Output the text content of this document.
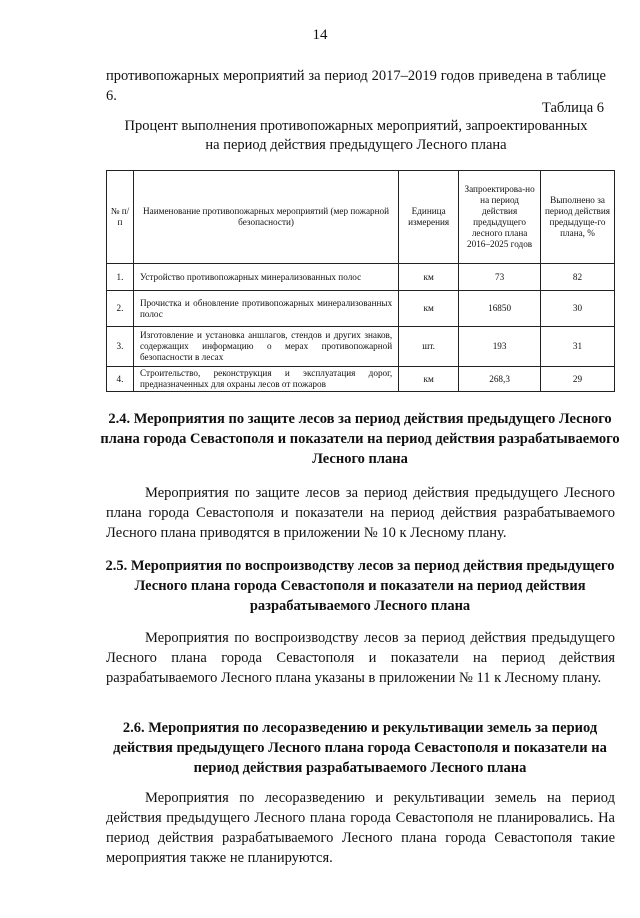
14

противопожарных мероприятий за период 2017–2019 годов приведена в таблице 6.

Таблица 6
Процент выполнения противопожарных мероприятий, запроектированных
на период действия предыдущего Лесного плана
№ п/п	Наименование противопожарных мероприятий (мер пожарной безопасности)	Единица измерения	Запроектирова-но на период действия предыдущего лесного плана 2016–2025 годов	Выполнено за период действия предыдуще-го плана, %
1.	Устройство противопожарных минерализованных полос	км	73	82
2.	Прочистка и обновление противопожарных минерализованных полос	км	16850	30
3.	Изготовление и установка аншлагов, стендов и других знаков, содержащих информацию о мерах противопожарной безопасности в лесах	шт.	193	31
4.	Строительство, реконструкция и эксплуатация дорог, предназначенных для охраны лесов от пожаров	км	268,3	29

2.4. Мероприятия по защите лесов за период действия предыдущего Лесного плана города Севастополя и показатели на период действия разрабатываемого Лесного плана

Мероприятия по защите лесов за период действия предыдущего Лесного плана города Севастополя и показатели на период действия разрабатываемого Лесного плана приводятся в приложении № 10 к Лесному плану.

2.5. Мероприятия по воспроизводству лесов за период действия предыдущего Лесного плана города Севастополя и показатели на период действия разрабатываемого Лесного плана

Мероприятия по воспроизводству лесов за период действия предыдущего Лесного плана города Севастополя и показатели на период действия разрабатываемого Лесного плана указаны в приложении № 11 к Лесному плану.

2.6. Мероприятия по лесоразведению и рекультивации земель за период действия предыдущего Лесного плана города Севастополя и показатели на период действия разрабатываемого Лесного плана

Мероприятия по лесоразведению и рекультивации земель на период действия предыдущего Лесного плана города Севастополя не планировались. На период действия разрабатываемого Лесного плана города Севастополя такие мероприятия также не планируются.
